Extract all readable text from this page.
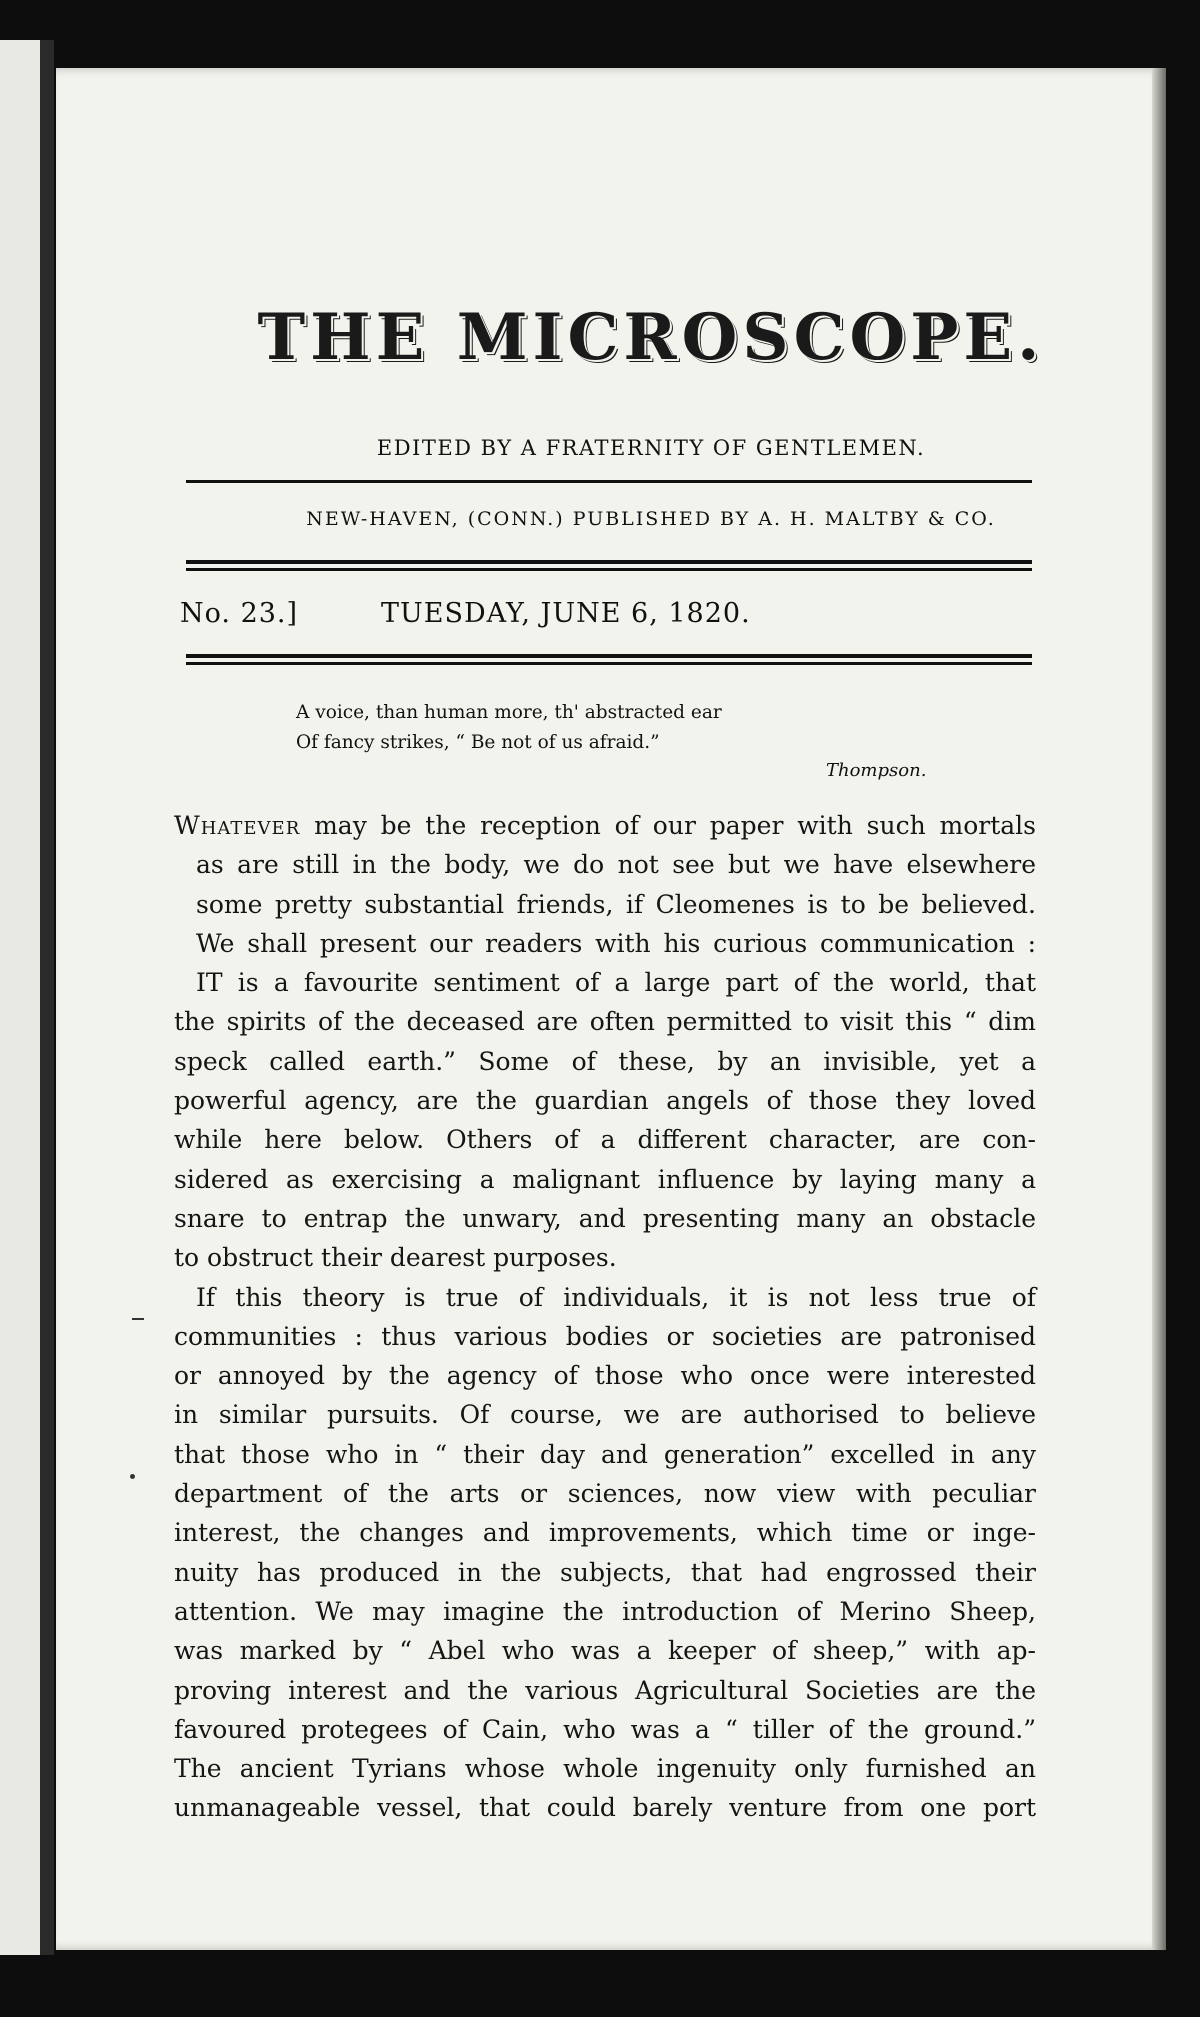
THE MICROSCOPE.
EDITED BY A FRATERNITY OF GENTLEMEN.
NEW-HAVEN, (CONN.) PUBLISHED BY A. H. MALTBY & CO.
No. 23.]	TUESDAY, JUNE 6, 1820.
A voice, than human more, th' abstracted ear
Of fancy strikes, “ Be not of us afraid.”
Thompson.

Whatever may be the reception of our paper with such mortals

as are still in the body, we do not see but we have elsewhere

some pretty substantial friends, if Cleomenes is to be believed.

We shall present our readers with his curious communication :

IT is a favourite sentiment of a large part of the world, that

the spirits of the deceased are often permitted to visit this “ dim

speck called earth.” Some of these, by an invisible, yet a

powerful agency, are the guardian angels of those they loved

while here below. Others of a different character, are con-

sidered as exercising a malignant influence by laying many a

snare to entrap the unwary, and presenting many an obstacle

to obstruct their dearest purposes.

If this theory is true of individuals, it is not less true of

communities : thus various bodies or societies are patronised

or annoyed by the agency of those who once were interested

in similar pursuits. Of course, we are authorised to believe

that those who in “ their day and generation” excelled in any

department of the arts or sciences, now view with peculiar

interest, the changes and improvements, which time or inge-

nuity has produced in the subjects, that had engrossed their

attention. We may imagine the introduction of Merino Sheep,

was marked by “ Abel who was a keeper of sheep,” with ap-

proving interest and the various Agricultural Societies are the

favoured protegees of Cain, who was a “ tiller of the ground.”

The ancient Tyrians whose whole ingenuity only furnished an

unmanageable vessel, that could barely venture from one port
